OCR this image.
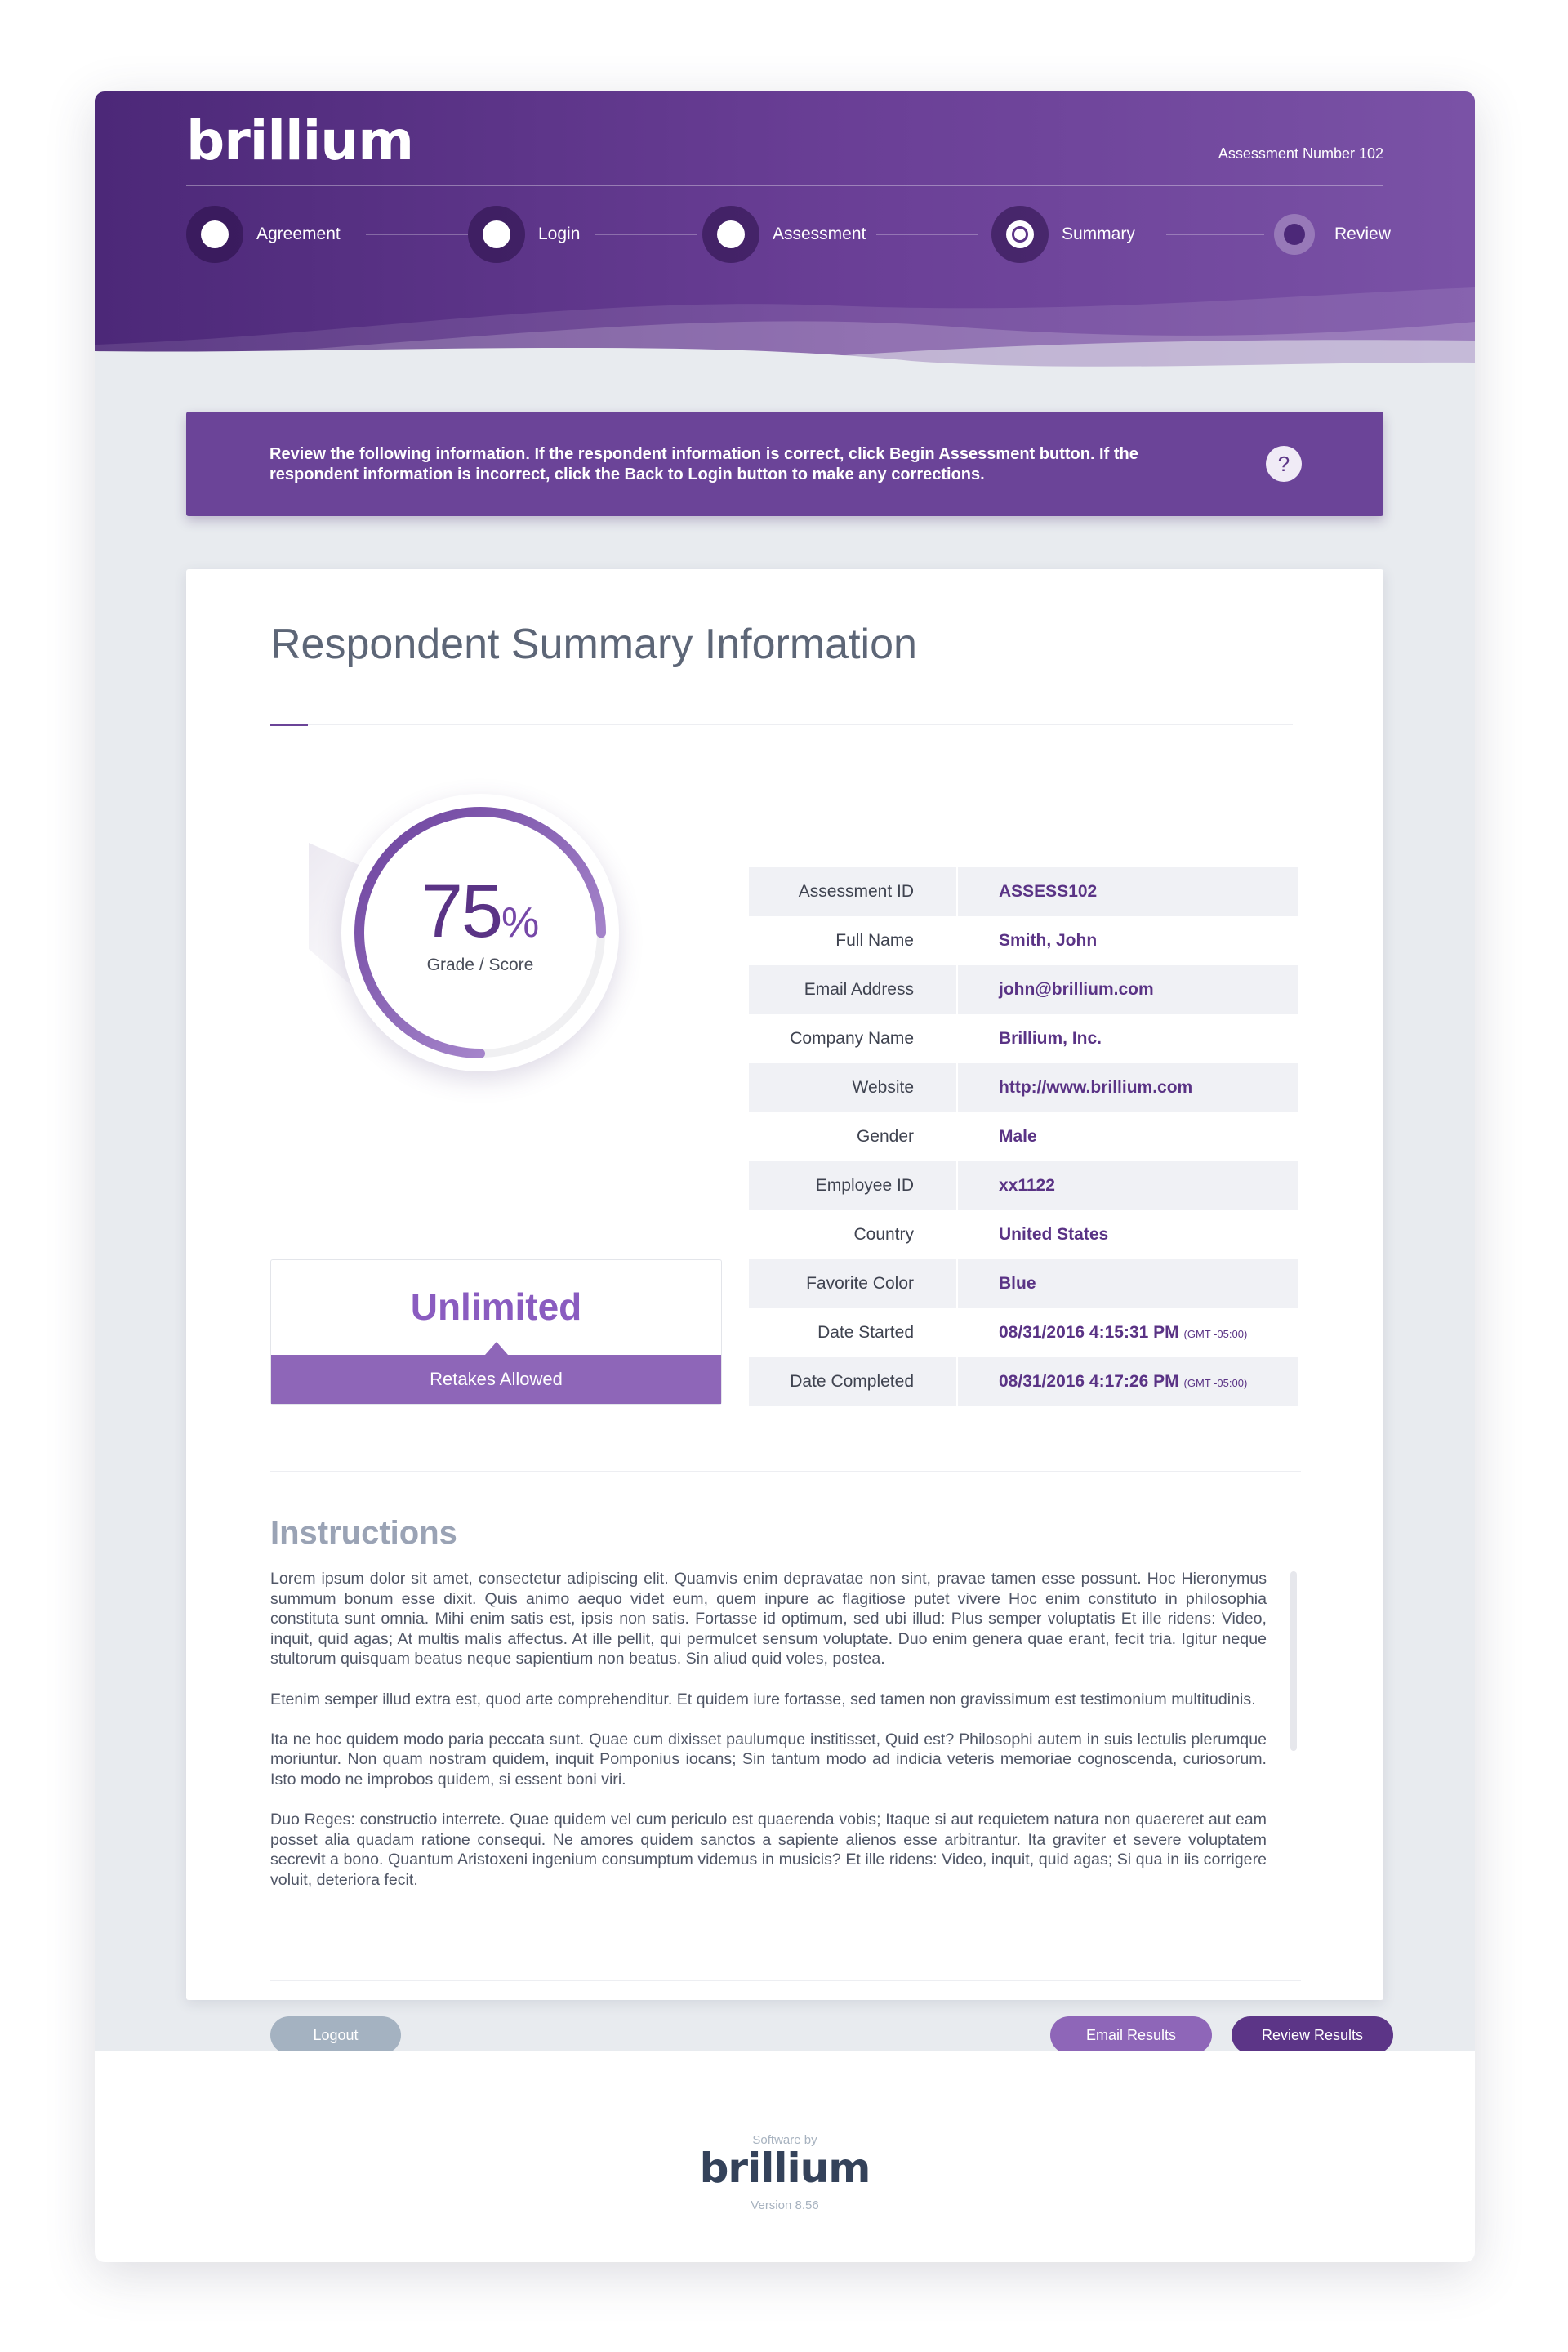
brillium	Assessment Number 102
Agreement	Login	Assessment	Summary	Review
Review the following information. If the respondent information is correct, click Begin Assessment button. If the respondent information is incorrect, click the Back to Login button to make any corrections.	?
Respondent Summary Information
75%
Grade / Score
Unlimited
Retakes Allowed
Assessment ID	ASSESS102
Full Name	Smith, John
Email Address	john@brillium.com
Company Name	Brillium, Inc.
Website	http://www.brillium.com
Gender	Male
Employee ID	xx1122
Country	United States
Favorite Color	Blue
Date Started	08/31/2016 4:15:31 PM (GMT -05:00)
Date Completed	08/31/2016 4:17:26 PM (GMT -05:00)
Instructions

Lorem ipsum dolor sit amet, consectetur adipiscing elit. Quamvis enim depravatae non sint, pravae tamen esse possunt. Hoc Hieronymus summum bonum esse dixit. Quis animo aequo videt eum, quem inpure ac flagitiose putet vivere Hoc enim constituto in philosophia constituta sunt omnia. Mihi enim satis est, ipsis non satis. Fortasse id optimum, sed ubi illud: Plus semper voluptatis Et ille ridens: Video, inquit, quid agas; At multis malis affectus. At ille pellit, qui permulcet sensum voluptate. Duo enim genera quae erant, fecit tria. Igitur neque stultorum quisquam beatus neque sapientium non beatus. Sin aliud quid voles, postea.

Etenim semper illud extra est, quod arte comprehenditur. Et quidem iure fortasse, sed tamen non gravissimum est testimonium multitudinis.

Ita ne hoc quidem modo paria peccata sunt. Quae cum dixisset paulumque institisset, Quid est? Philosophi autem in suis lectulis plerumque moriuntur. Non quam nostram quidem, inquit Pomponius iocans; Sin tantum modo ad indicia veteris memoriae cognoscenda, curiosorum. Isto modo ne improbos quidem, si essent boni viri.

Duo Reges: constructio interrete. Quae quidem vel cum periculo est quaerenda vobis; Itaque si aut requietem natura non quaereret aut eam posset alia quadam ratione consequi. Ne amores quidem sanctos a sapiente alienos esse arbitrantur. Ita graviter et severe voluptatem secrevit a bono. Quantum Aristoxeni ingenium consumptum videmus in musicis? Et ille ridens: Video, inquit, quid agas; Si qua in iis corrigere voluit, deteriora fecit.

Logout	Email Results	Review Results
Software by
brillium
Version 8.56
